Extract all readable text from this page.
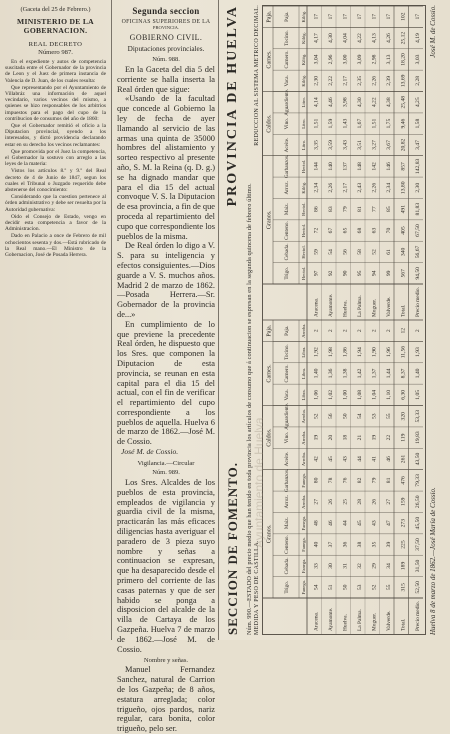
(Gaceta del 25 de Febrero.)
MINISTERIO DE LA GOBERNACION.
REAL DECRETO
Número 987.

En el expediente y autos de competencia suscitada entre el Gobernador de la provincia de Leon y el Juez de primera instancia de Valencia de D. Juan, de los cuales resulta:

Que representando por el Ayuntamiento de Villabráz una información de aquel vecindario, varios vecinos del mismo, a quienes se hizo responsables de los arbitrios impuestos para el pago del cupo de la contribucion de consumos del año de 1860:

Que el Gobernador remitió el oficio a la Diputacion provincial, oyendo a los interesados, y dictó providencia declarando estar en su derecho los vecinos reclamantes:

Que promovida por el Juez la competencia, el Gobernador la sostuvo con arreglo a las leyes de la materia:

Vistos los artículos 8.º y 9.º del Real decreto de 4 de Junio de 1847, segun los cuales el Tribunal o Juzgado requerido debe abstenerse del conocimiento:

Considerando que la cuestion pertenece al órden administrativo y debe ser resuelta por la Autoridad gubernativa:

Oido el Consejo de Estado, vengo en decidir esta competencia a favor de la Administracion.

Dado en Palacio a once de Febrero de mil ochocientos sesenta y dos.—Está rubricado de la Real mano.—El Ministro de la Gobernacion, José de Posada Herrera.

Segunda seccion
OFICINAS SUPERIORES DE LA
PROVINCIA.
GOBIERNO CIVIL.
Diputaciones provinciales.
Núm. 988.

En la Gaceta del dia 5 del corriente se halla inserta la Real órden que sigue:

«Usando de la facultad que concede al Gobierno la ley de fecha de ayer llamando al servicio de las armas una quinta de 35000 hombres del alistamiento y sorteo respectivo al presente año, S. M. la Reina (q. D. g.) se ha dignado mandar que para el dia 15 del actual convoque V. S. la Diputacion de esa provincia, a fin de que proceda al repartimiento del cupo que correspondiente los pueblos de la misma.

De Real órden lo digo a V. S. para su inteligencia y efectos consiguientes.—Dios guarde a V. S. muchos años. Madrid 2 de marzo de 1862.—Posada Herrera.—Sr. Gobernador de la provincia de...»

En cumplimiento de lo que previene la precedente Real órden, he dispuesto que los Sres. que componen la Diputacion de esta provincia, se reunan en esta capital para el dia 15 del actual, con el fin de verificar el repartimiento del cupo correspondiente a los pueblos de aquella. Huelva 6 de marzo de 1862.—José M. de Cossio.

José M. de Cossio.
Vigilancia.—Circular
Núm. 989.

Los Sres. Alcaldes de los pueblos de esta provincia, empleados de vigilancia y guardia civil de la misma, practicarán las más eficaces diligencias hasta averiguar el paradero de 3 pieza suyo nombre y señas a continuacion se expresan, que ha desaparecido desde el primero del corriente de las casas paternas y que de ser habido se ponga a disposicion del alcalde de la villa de Cartaya de los Gazpeña. Huelva 7 de marzo de 1862.—José M. de Cossio.

Nombre y señas.

Manuel Fernandez Sanchez, natural de Carrion de los Gazpeña; de 8 años, estatura arreglada; color trigueño, ojos pardos, nariz regular, cara bonita, color trigueño, pelo ser.

SECCION DE FOMENTO.
PROVINCIA DE HUELVA
Núm. 990.—ESTADO del precio medio que han tenido en toda provincia los artículos de consumo que á continuacion se espresan en la segunda quincena de febrero último. MEDIDA Y PESO DE CASTILLA.
REDUCCION AL SISTEMA METRICO DECIMAL.
Granos.
Caldos.
Carnes.
Paja.
Trigo. Fanega. 54 51 50 53 52 55 315 52,50
Cebada. Fanega. 33 30 31 32 29 34 189 31,50
Centeno. Fanega. 40 37 36 38 35 39 225 37,50
Maiz. Fanega. 48 46 44 45 43 47 273 45,50
Arroz. Arroba. 27 26 25 28 26 27 159 26,50
Garbanzos. Fanega. 80 78 76 82 79 81 476 79,33
Aceite. Arroba. 42 45 43 44 41 46 261 43,50
Vino. Arroba. 19 20 18 21 19 22 119 19,83
Aguardiente. Arroba. 52 56 50 54 53 55 320 53,33
Vaca. Libra. 1,06 1,02 1,00 1,08 1,04 1,10 6,30 1,05
Carnero. Libra. 1,40 1,36 1,38 1,42 1,37 1,44 8,37 1,40
Tocino. Libra. 1,92 1,98 1,86 1,94 1,90 1,96 11,56 1,93
Paja. Arroba. 2 2 2 2 2 2 12 2
Granos.
Caldos.
Carnes.
Paja.
Trigo. Hectol. 97 92 90 95 94 99 567 94,50
Cebada. Hectol. 59 54 56 58 52 61 340 56,67
Centeno. Hectol. 72 67 65 68 63 70 405 67,50
Maiz. Hectol. 86 83 79 81 77 85 491 81,83
Arroz. Kilóg. 2,34 2,26 2,17 2,43 2,26 2,34 13,80 2,30
Garbanzos. Hectol. 144 140 137 148 142 146 857 142,83
Aceite. Litro. 3,35 3,59 3,43 3,51 3,27 3,67 20,82 3,47
Vino. Litro. 1,51 1,59 1,43 1,67 1,51 1,75 9,46 1,58
Aguardiente. Litro. 4,14 4,46 3,98 4,30 4,22 4,38 25,48 4,25
Vaca. Kilóg. 2,30 2,22 2,17 2,35 2,26 2,39 13,69 2,28
Carnero. Kilóg. 3,04 2,96 3,00 3,09 2,98 3,13 18,20 3,03
Tocino. Kilóg. 4,17 4,30 4,04 4,22 4,13 4,26 25,12 4,19
Paja. Kilóg. 17 17 17 17 17 17 102 17
Aracena. Ayamonte. Huelva. La Palma. Moguer. Valverde. Total. Precio medio.
Aracena. Ayamonte. Huelva. La Palma. Moguer. Valverde. Total. Precio medio.
Huelva 8 de marzo de 1862.—José María de Cossio.
José M. de Cossio.
Ayuntamiento de Huelva
